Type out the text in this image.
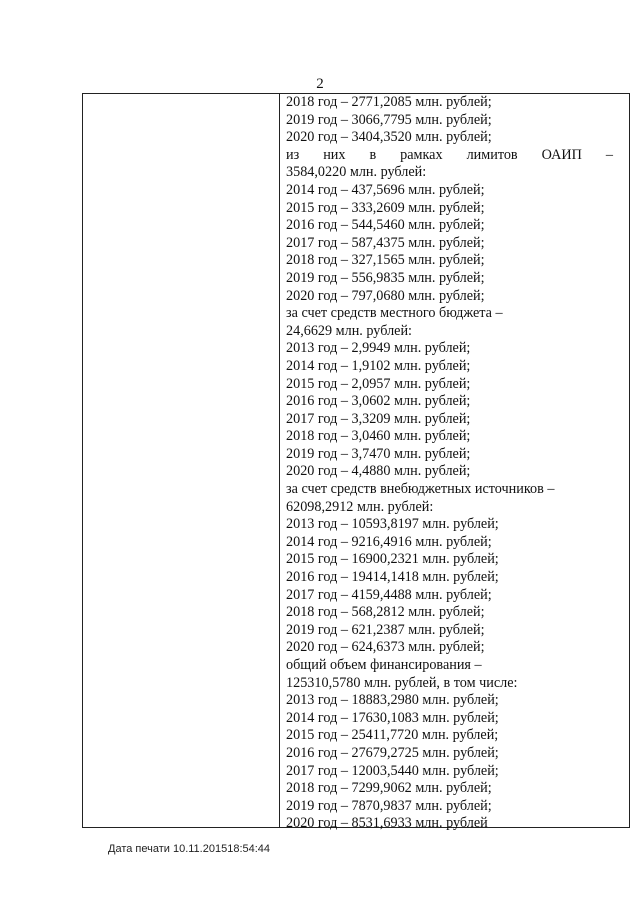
2
2018 год – 2771,2085 млн. рублей;
2019 год – 3066,7795 млн. рублей;
2020 год – 3404,3520 млн. рублей;
из них в рамках лимитов ОАИП –
3584,0220 млн. рублей:
2014 год – 437,5696 млн. рублей;
2015 год – 333,2609 млн. рублей;
2016 год – 544,5460 млн. рублей;
2017 год – 587,4375 млн. рублей;
2018 год – 327,1565 млн. рублей;
2019 год – 556,9835 млн. рублей;
2020 год – 797,0680 млн. рублей;
за счет средств местного бюджета –
24,6629 млн. рублей:
2013 год – 2,9949 млн. рублей;
2014 год – 1,9102 млн. рублей;
2015 год – 2,0957 млн. рублей;
2016 год – 3,0602 млн. рублей;
2017 год – 3,3209 млн. рублей;
2018 год – 3,0460 млн. рублей;
2019 год – 3,7470 млн. рублей;
2020 год – 4,4880 млн. рублей;
за счет средств внебюджетных источников –
62098,2912 млн. рублей:
2013 год – 10593,8197 млн. рублей;
2014 год – 9216,4916 млн. рублей;
2015 год – 16900,2321 млн. рублей;
2016 год – 19414,1418 млн. рублей;
2017 год – 4159,4488 млн. рублей;
2018 год – 568,2812 млн. рублей;
2019 год – 621,2387 млн. рублей;
2020 год – 624,6373 млн. рублей;
общий объем финансирования –
125310,5780 млн. рублей, в том числе:
2013 год – 18883,2980 млн. рублей;
2014 год – 17630,1083 млн. рублей;
2015 год – 25411,7720 млн. рублей;
2016 год – 27679,2725 млн. рублей;
2017 год – 12003,5440 млн. рублей;
2018 год – 7299,9062 млн. рублей;
2019 год – 7870,9837 млн. рублей;
2020 год – 8531,6933 млн. рублей
Дата печати 10.11.201518:54:44
